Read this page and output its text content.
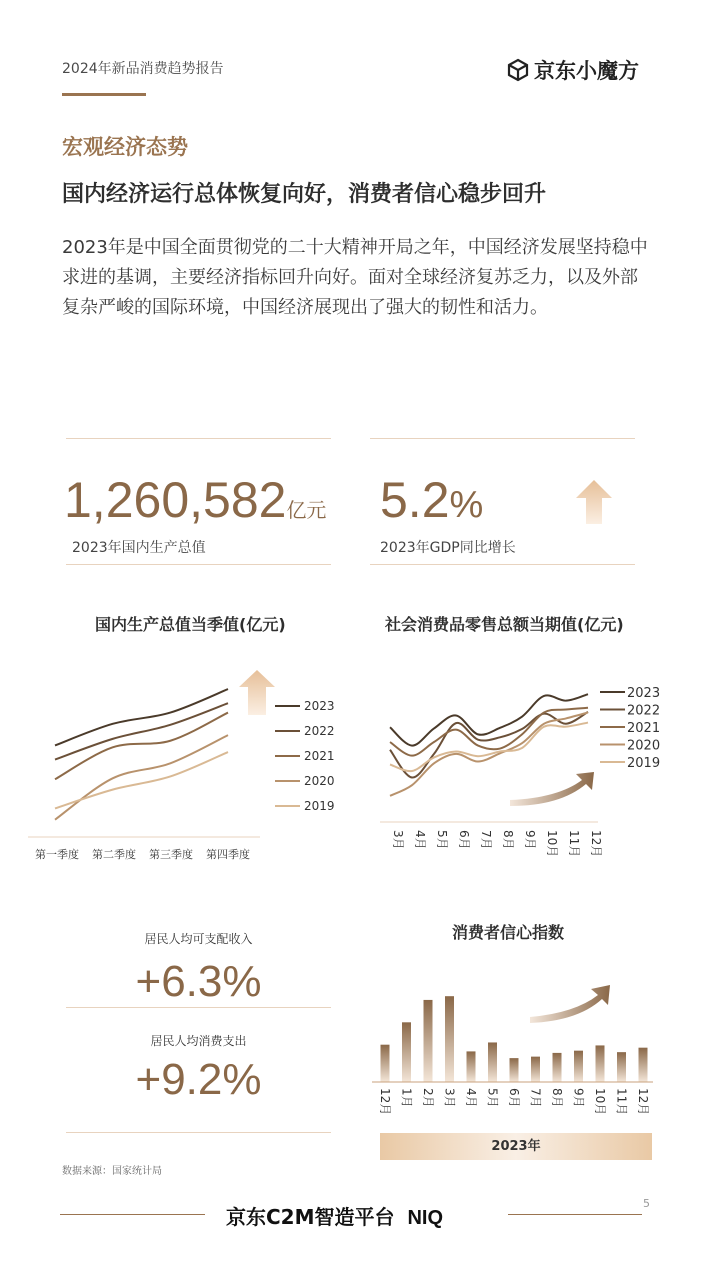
2024年新品消费趋势报告	京东小魔方
宏观经济态势
国内经济运行总体恢复向好，消费者信心稳步回升
2023年是中国全面贯彻党的二十大精神开局之年，中国经济发展坚持稳中求进的基调，主要经济指标回升向好。面对全球经济复苏乏力，以及外部复杂严峻的国际环境，中国经济展现出了强大的韧性和活力。
1,260,582亿元
2023年国内生产总值
5.2%
2023年GDP同比增长
国内生产总值当季值(亿元)
2023
2022
2021
2020
2019
第一季度 第二季度 第三季度 第四季度
社会消费品零售总额当期值(亿元)
2023
2022
2021
2020
2019
3月 4月 5月 6月 7月 8月 9月 10月 11月 12月
居民人均可支配收入
+6.3%
居民人均消费支出
+9.2%
消费者信心指数
12月 1月 2月 3月 4月 5月 6月 7月 8月 9月 10月 11月 12月
2023年
数据来源：国家统计局
京东C2M智造平台 NIQ
5
